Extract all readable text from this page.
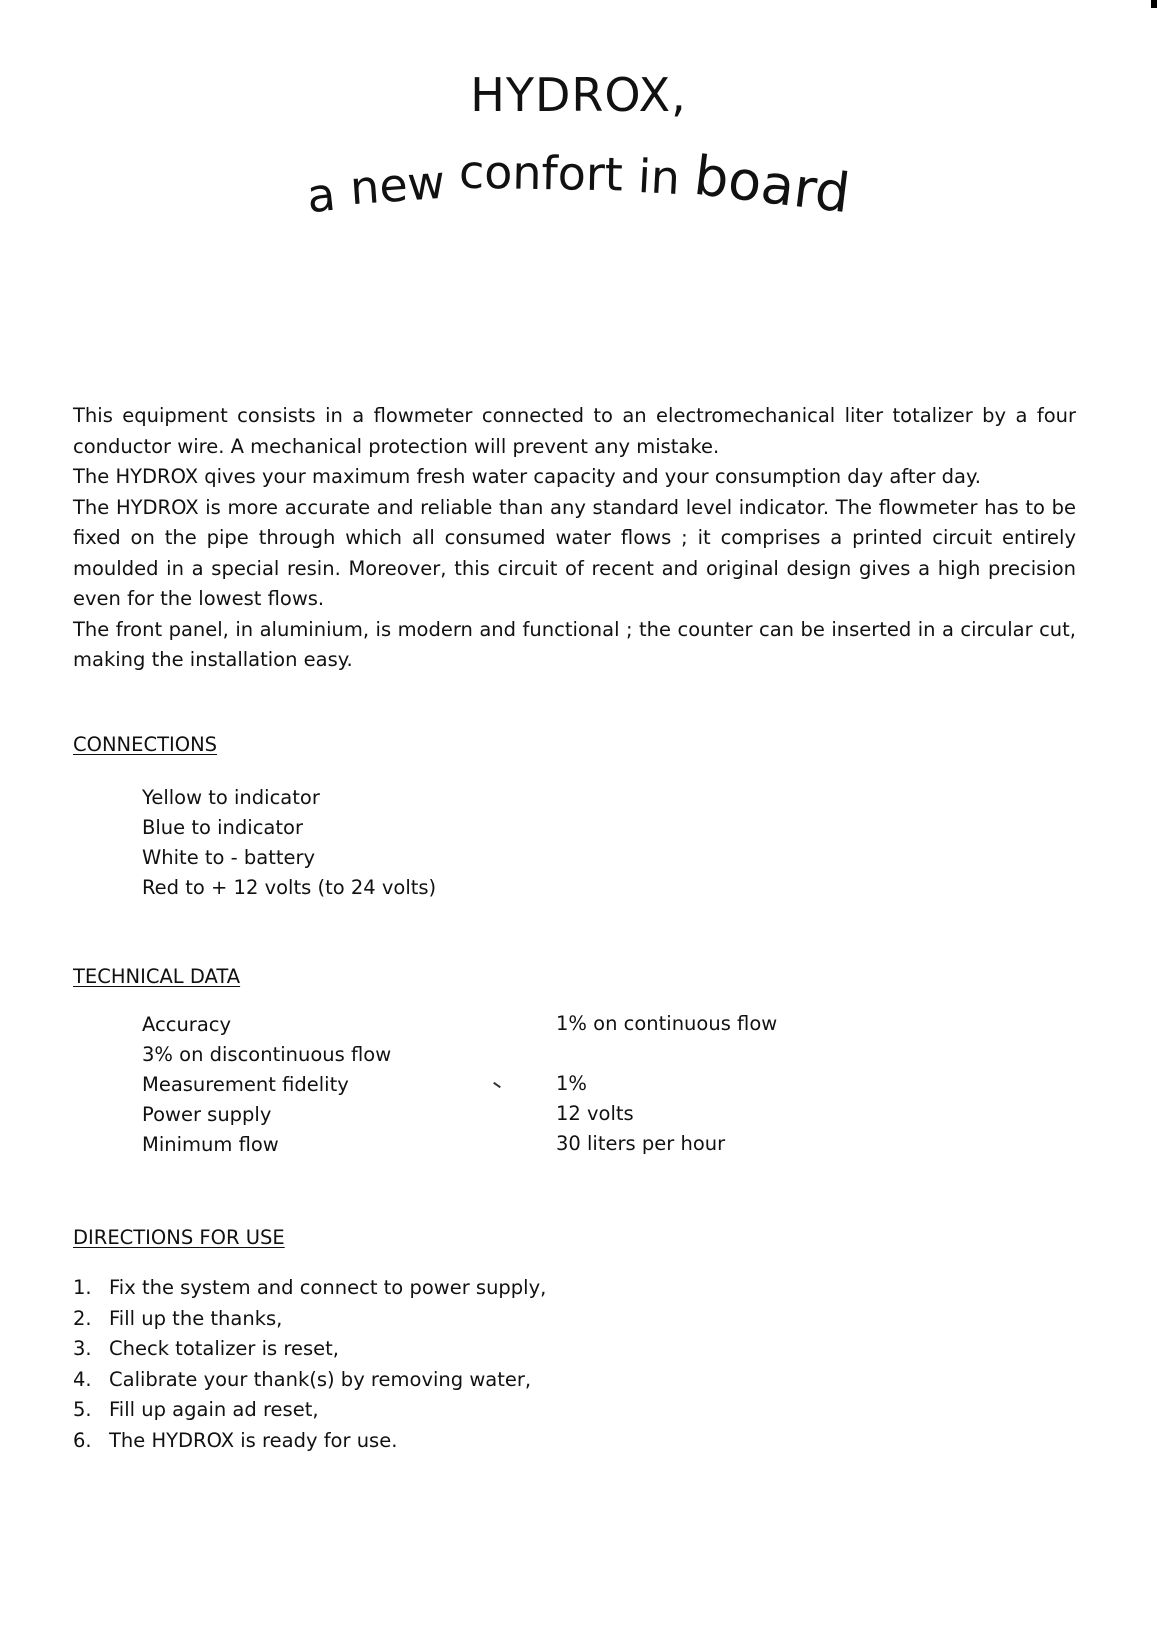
HYDROX,
a new confort in board

This equipment consists in a flowmeter connected to an electromechanical liter totalizer by a four conductor wire. A mechanical protection will prevent any mistake.

The HYDROX qives your maximum fresh water capacity and your consumption day after day.

The HYDROX is more accurate and reliable than any standard level indicator. The flowmeter has to be fixed on the pipe through which all consumed water flows ; it comprises a printed circuit entirely moulded in a special resin. Moreover, this circuit of recent and original design gives a high precision even for the lowest flows.

The front panel, in aluminium, is modern and functional ; the counter can be inserted in a circular cut, making the installation easy.

CONNECTIONS
Yellow to indicator
Blue to indicator
White to - battery
Red to + 12 volts (to 24 volts)
TECHNICAL DATA
Accuracy
3% on discontinuous flow
Measurement fidelity
Power supply
Minimum flow
1% on continuous flow
1%
12 volts
30 liters per hour
DIRECTIONS FOR USE
1. Fix the system and connect to power supply,
2. Fill up the thanks,
3. Check totalizer is reset,
4. Calibrate your thank(s) by removing water,
5. Fill up again ad reset,
6. The HYDROX is ready for use.
